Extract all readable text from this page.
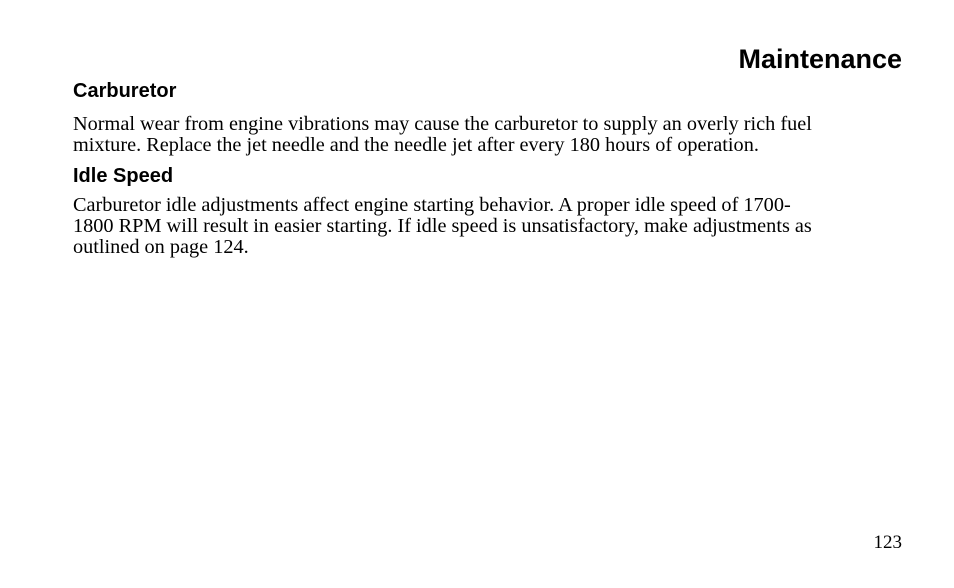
Maintenance
Carburetor

Normal wear from engine vibrations may cause the carburetor to supply an overly rich fuel
mixture. Replace the jet needle and the needle jet after every 180 hours of operation.

Idle Speed

Carburetor idle adjustments affect engine starting behavior. A proper idle speed of 1700-
1800 RPM will result in easier starting. If idle speed is unsatisfactory, make adjustments as
outlined on page 124.

123
